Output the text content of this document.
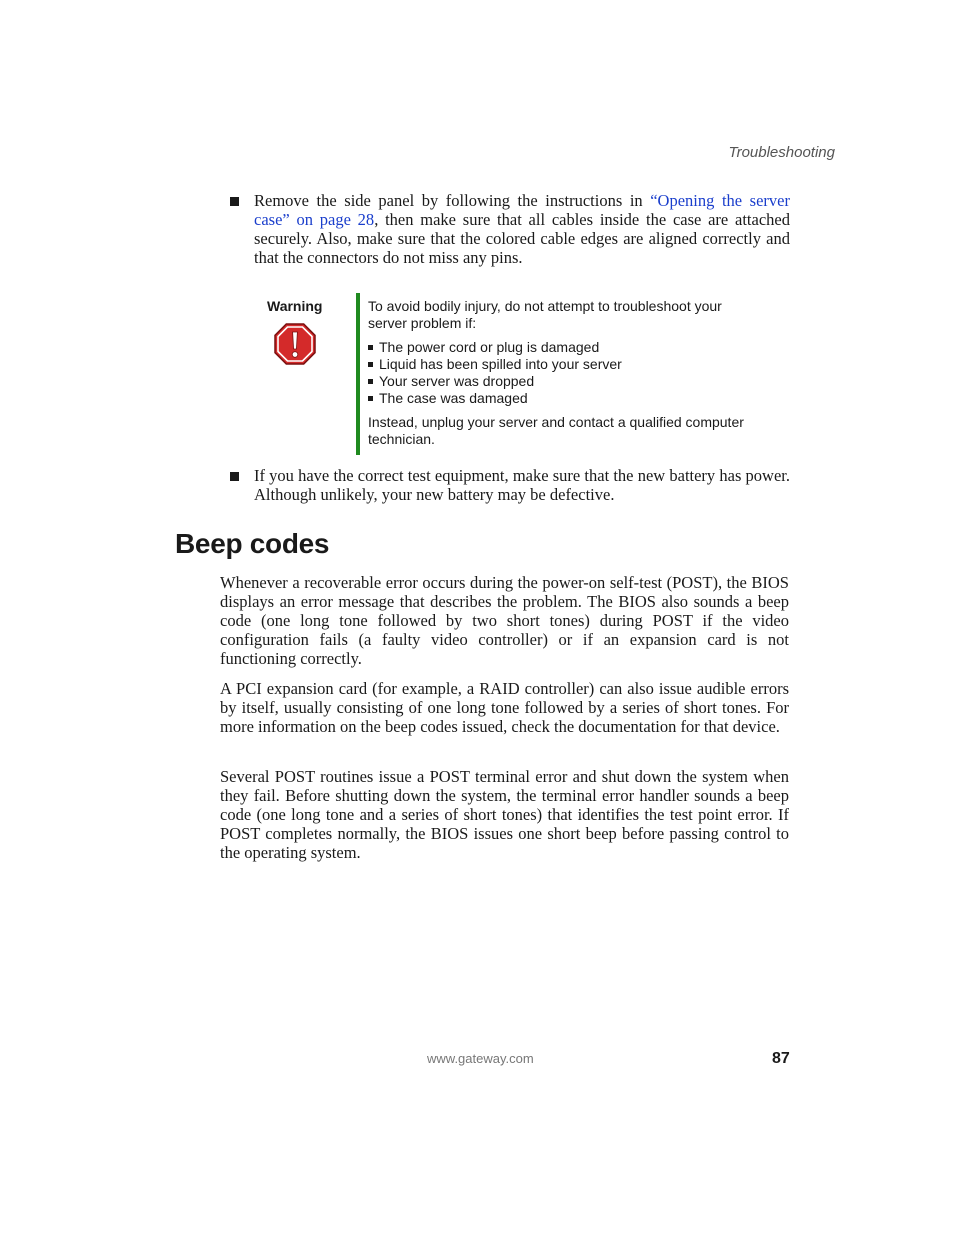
Troubleshooting
Remove the side panel by following the instructions in “Opening the server case” on page 28, then make sure that all cables inside the case are attached securely. Also, make sure that the colored cable edges are aligned correctly and that the connectors do not miss any pins.
Warning	To avoid bodily injury, do not attempt to troubleshoot your server problem if:

The power cord or plug is damaged
Liquid has been spilled into your server
Your server was dropped
The case was damaged

Instead, unplug your server and contact a qualified computer technician.

If you have the correct test equipment, make sure that the new battery has power. Although unlikely, your new battery may be defective.
Beep codes

Whenever a recoverable error occurs during the power-on self-test (POST), the BIOS displays an error message that describes the problem. The BIOS also sounds a beep code (one long tone followed by two short tones) during POST if the video configuration fails (a faulty video controller) or if an expansion card is not functioning correctly.

A PCI expansion card (for example, a RAID controller) can also issue audible errors by itself, usually consisting of one long tone followed by a series of short tones. For more information on the beep codes issued, check the documentation for that device.

Several POST routines issue a POST terminal error and shut down the system when they fail. Before shutting down the system, the terminal error handler sounds a beep code (one long tone and a series of short tones) that identifies the test point error. If POST completes normally, the BIOS issues one short beep before passing control to the operating system.

www.gateway.com	87
